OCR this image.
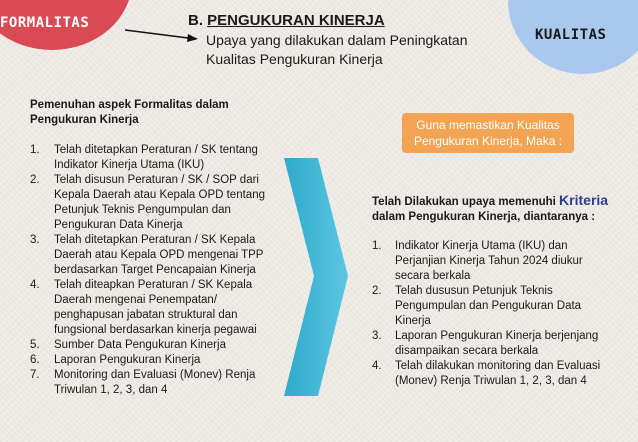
FORMALITAS
KUALITAS
B. PENGUKURAN KINERJA
Upaya yang dilakukan dalam Peningkatan
Kualitas Pengukuran Kinerja
Pemenuhan aspek Formalitas dalam
Pengukuran Kinerja
1.	Telah ditetapkan Peraturan / SK tentang
Indikator Kinerja Utama (IKU)
2.	Telah disusun Peraturan / SK / SOP dari
Kepala Daerah atau Kepala OPD tentang
Petunjuk Teknis Pengumpulan dan
Pengukuran Data Kinerja
3.	Telah ditetapkan Peraturan / SK Kepala
Daerah atau Kepala OPD mengenai TPP
berdasarkan Target Pencapaian Kinerja
4.	Telah diteapkan Peraturan / SK Kepala
Daerah mengenai Penempatan/
penghapusan jabatan struktural dan
fungsional berdasarkan kinerja pegawai
5.	Sumber Data Pengukuran Kinerja
6.	Laporan Pengukuran Kinerja
7.	Monitoring dan Evaluasi (Monev) Renja
Triwulan 1, 2, 3, dan 4
Guna memastikan Kualitas
Pengukuran Kinerja, Maka :
Telah Dilakukan upaya memenuhi Kriteria
dalam Pengukuran Kinerja, diantaranya :
1.	Indikator Kinerja Utama (IKU) dan
Perjanjian Kinerja Tahun 2024 diukur
secara berkala
2.	Telah dususun Petunjuk Teknis
Pengumpulan dan Pengukuran Data
Kinerja
3.	Laporan Pengukuran Kinerja berjenjang
disampaikan secara berkala
4.	Telah dilakukan monitoring dan Evaluasi
(Monev) Renja Triwulan 1, 2, 3, dan 4
